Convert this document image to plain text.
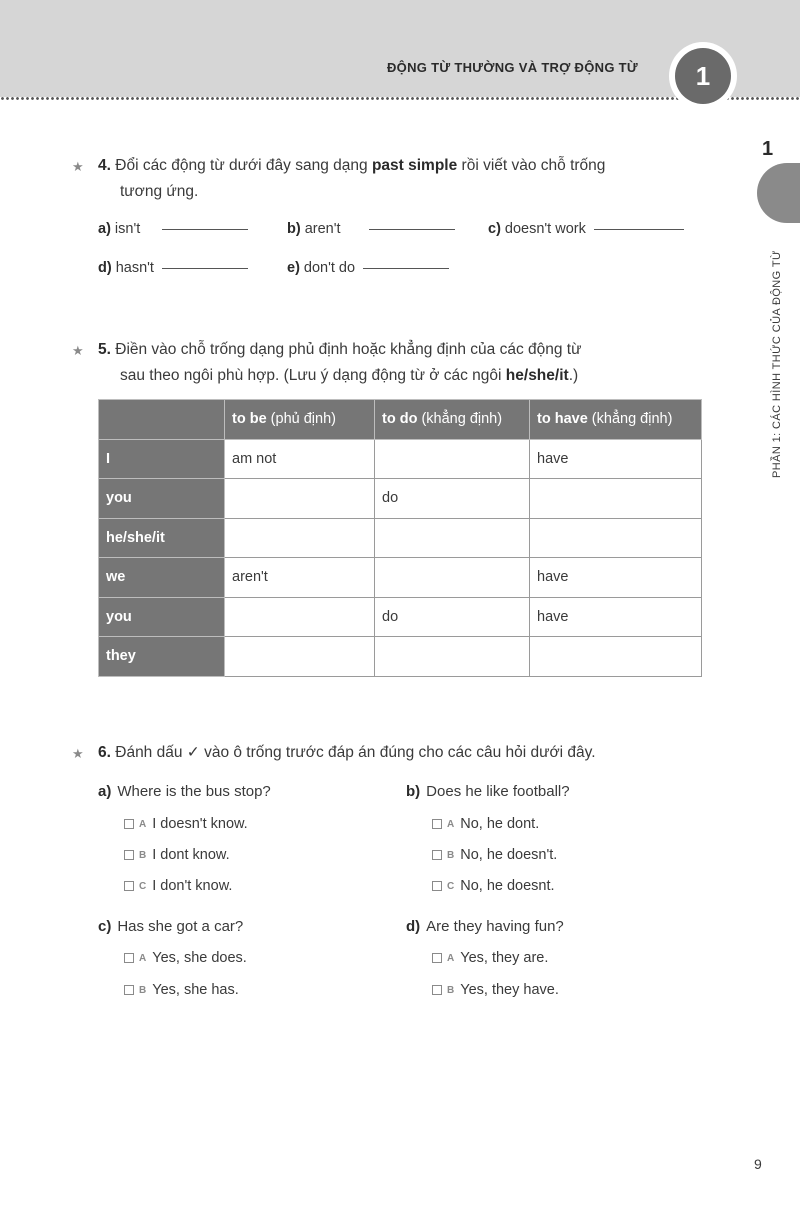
ĐỘNG TỪ THƯỜNG VÀ TRỢ ĐỘNG TỪ	1
1
PHẦN 1: CÁC HÌNH THỨC CỦA ĐỘNG TỪ
★ 4. Đổi các động từ dưới đây sang dạng past simple rồi viết vào chỗ trống
tương ứng.
a) isn't	b) aren't	c) doesn't work
d) hasn't	e) don't do
★ 5. Điền vào chỗ trống dạng phủ định hoặc khẳng định của các động từ
sau theo ngôi phù hợp. (Lưu ý dạng động từ ở các ngôi he/she/it.)
	to be (phủ định)	to do (khẳng định)	to have (khẳng định)
I	am not		have
you		do	
he/she/it			
we	aren't		have
you		do	have
they			
★ 6. Đánh dấu ✓ vào ô trống trước đáp án đúng cho các câu hỏi dưới đây.
a) Where is the bus stop?
A I doesn't know.
B I dont know.
C I don't know.
b) Does he like football?
A No, he dont.
B No, he doesn't.
C No, he doesnt.
c) Has she got a car?
A Yes, she does.
B Yes, she has.
d) Are they having fun?
A Yes, they are.
B Yes, they have.
9
